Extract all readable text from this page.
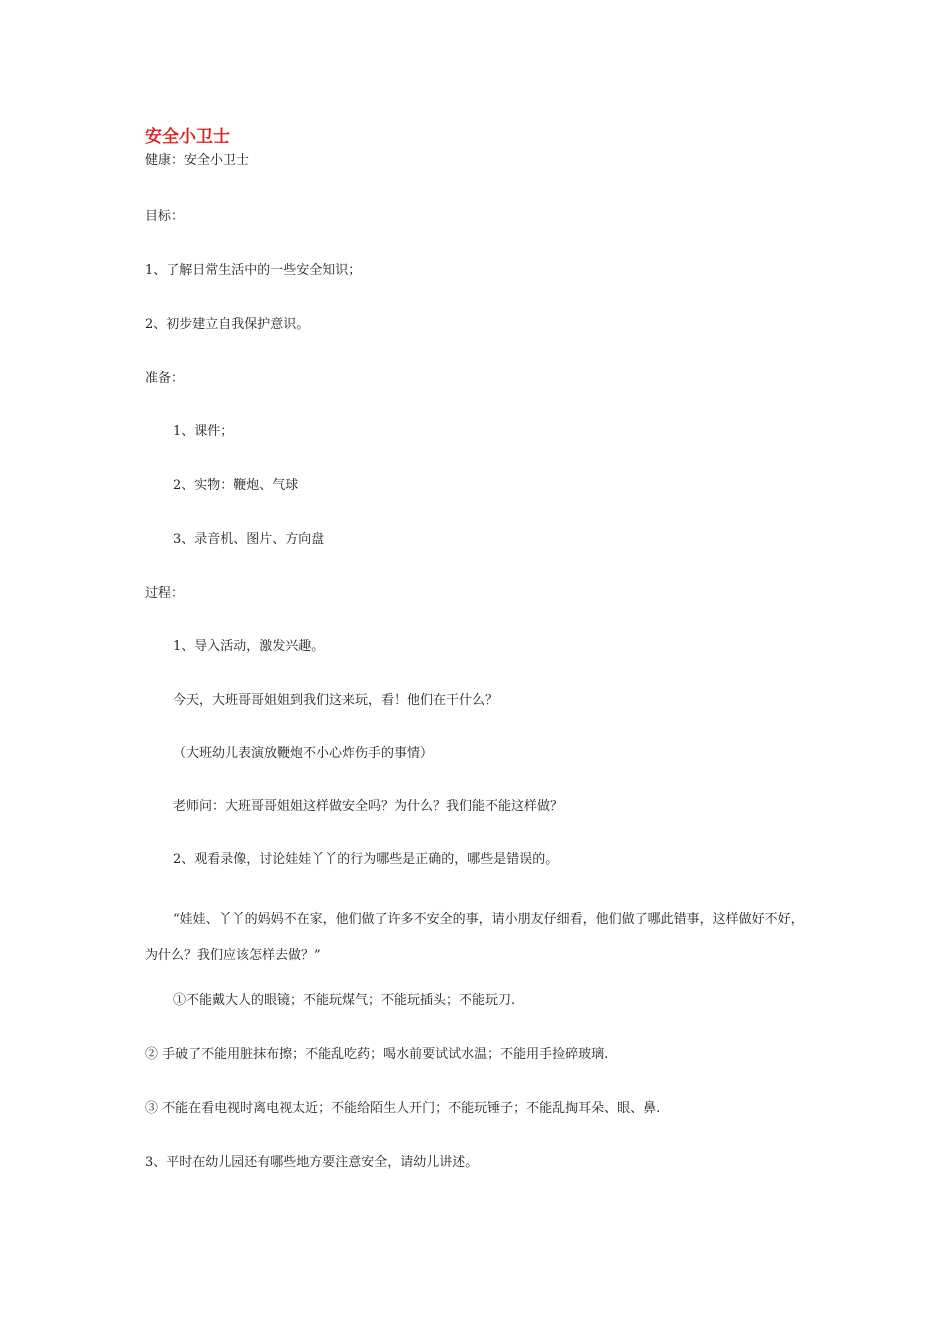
安全小卫士
健康：安全小卫士
目标：
1、了解日常生活中的一些安全知识；
2、初步建立自我保护意识。
准备：
1、课件；
2、实物：鞭炮、气球
3、录音机、图片、方向盘
过程：
1、导入活动，激发兴趣。
今天，大班哥哥姐姐到我们这来玩，看！他们在干什么？
（大班幼儿表演放鞭炮不小心炸伤手的事情）
老师问：大班哥哥姐姐这样做安全吗？为什么？我们能不能这样做？
2、观看录像，讨论娃娃丫丫的行为哪些是正确的，哪些是错误的。
“娃娃、丫丫的妈妈不在家，他们做了许多不安全的事，请小朋友仔细看，他们做了哪此错事，这样做好不好，为什么？我们应该怎样去做？”
①不能戴大人的眼镜；不能玩煤气；不能玩插头；不能玩刀.
② 手破了不能用脏抹布擦；不能乱吃药；喝水前要试试水温；不能用手捡碎玻璃.
③ 不能在看电视时离电视太近；不能给陌生人开门；不能玩锤子；不能乱掏耳朵、眼、鼻.
3、平时在幼儿园还有哪些地方要注意安全，请幼儿讲述。
